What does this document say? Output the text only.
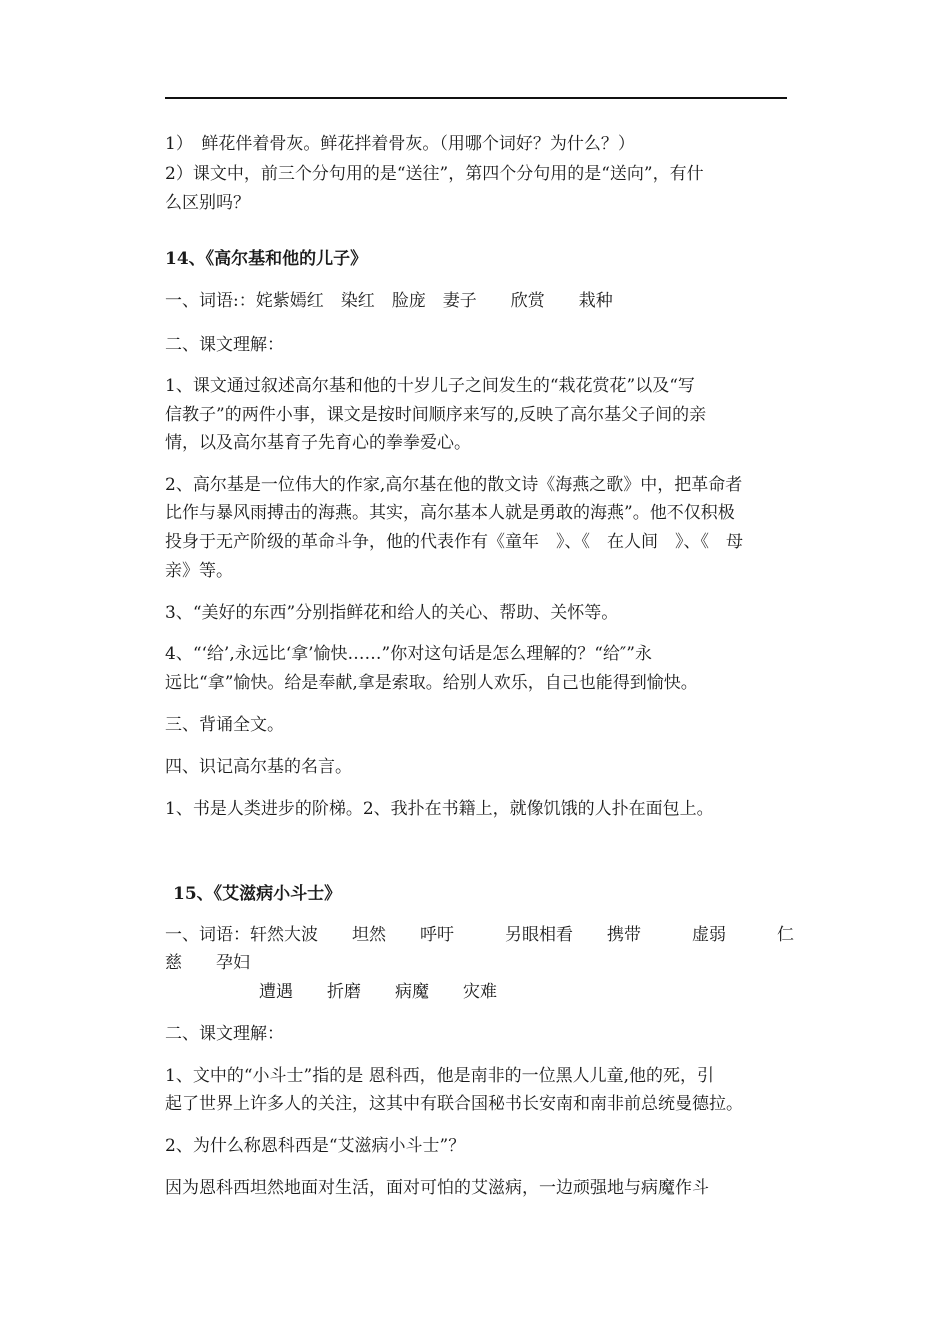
1）　鲜花伴着骨灰。鲜花拌着骨灰。（用哪个词好？为什么？）
2）课文中，前三个分句用的是“送往”，第四个分句用的是“送向”，有什
么区别吗？
14、《高尔基和他的儿子》
一、词语:：姹紫嫣红　染红　脸庞　妻子　　欣赏　　栽种
二、课文理解：
1、课文通过叙述高尔基和他的十岁儿子之间发生的“栽花赏花”以及“写
信教子”的两件小事，课文是按时间顺序来写的,反映了高尔基父子间的亲
情，以及高尔基育子先育心的拳拳爱心。
2、高尔基是一位伟大的作家,高尔基在他的散文诗《海燕之歌》中，把革命者
比作与暴风雨搏击的海燕。其实，高尔基本人就是勇敢的海燕”。他不仅积极
投身于无产阶级的革命斗争，他的代表作有《童年　》、《　在人间　》、《　母
亲》等。
3、“美好的东西”分别指鲜花和给人的关心、帮助、关怀等。
4、“‘给’,永远比‘拿’愉快……”你对这句话是怎么理解的？“给″”永
远比“拿”愉快。给是奉献,拿是索取。给别人欢乐，自己也能得到愉快。
三、背诵全文。
四、识记高尔基的名言。
1、书是人类进步的阶梯。2、我扑在书籍上，就像饥饿的人扑在面包上。
15、《艾滋病小斗士》
一、词语：轩然大波　　坦然　　呼吁　　　另眼相看　　携带　　　虚弱　　　仁
慈　　孕妇
遭遇　　折磨　　病魔　　灾难
二、课文理解：
1、文中的“小斗士”指的是 恩科西，他是南非的一位黑人儿童,他的死，引
起了世界上许多人的关注，这其中有联合国秘书长安南和南非前总统曼德拉。
2、为什么称恩科西是“艾滋病小斗士”？
因为恩科西坦然地面对生活，面对可怕的艾滋病，一边顽强地与病魔作斗
